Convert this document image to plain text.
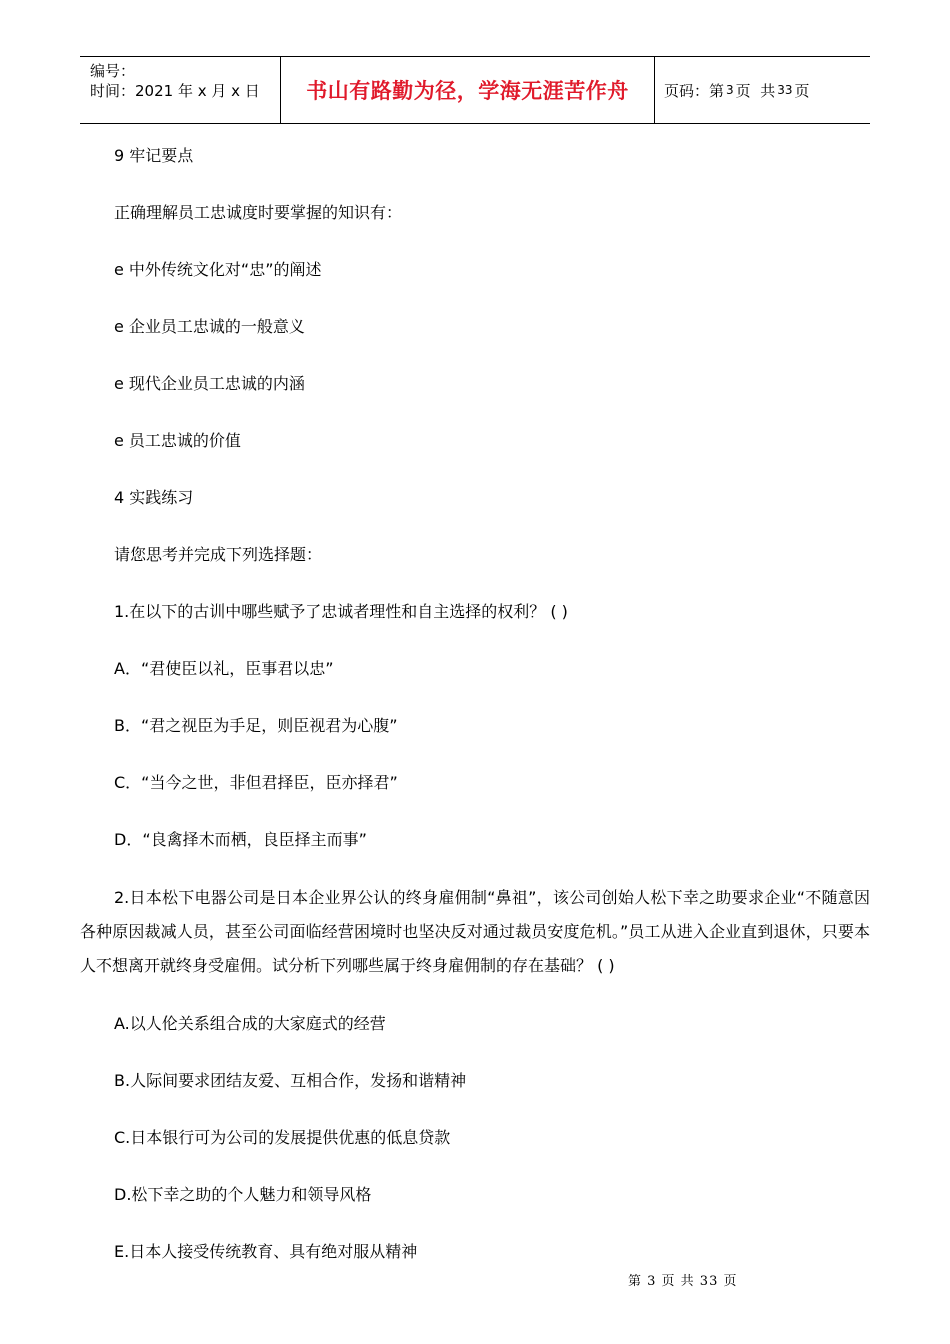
编号：
时间：2021 年 x 月 x 日	书山有路勤为径，学海无涯苦作舟 页码：第 3 页  共 33 页
9 牢记要点
正确理解员工忠诚度时要掌握的知识有：
e 中外传统文化对“忠”的阐述
e 企业员工忠诚的一般意义
e 现代企业员工忠诚的内涵
e 员工忠诚的价值
4 实践练习
请您思考并完成下列选择题：
1.在以下的古训中哪些赋予了忠诚者理性和自主选择的权利？ ( )
A．“君使臣以礼，臣事君以忠”
B．“君之视臣为手足，则臣视君为心腹”
C．“当今之世，非但君择臣，臣亦择君”
D．“良禽择木而栖，良臣择主而事”
2.日本松下电器公司是日本企业界公认的终身雇佣制“鼻祖”，该公司创始人松下幸之助要求企业“不随意因各种原因裁减人员，甚至公司面临经营困境时也坚决反对通过裁员安度危机。”员工从进入企业直到退休，只要本人不想离开就终身受雇佣。试分析下列哪些属于终身雇佣制的存在基础？ ( )
A.以人伦关系组合成的大家庭式的经营
B.人际间要求团结友爱、互相合作，发扬和谐精神
C.日本银行可为公司的发展提供优惠的低息贷款
D.松下幸之助的个人魅力和领导风格
E.日本人接受传统教育、具有绝对服从精神
第 3 页 共 33 页
